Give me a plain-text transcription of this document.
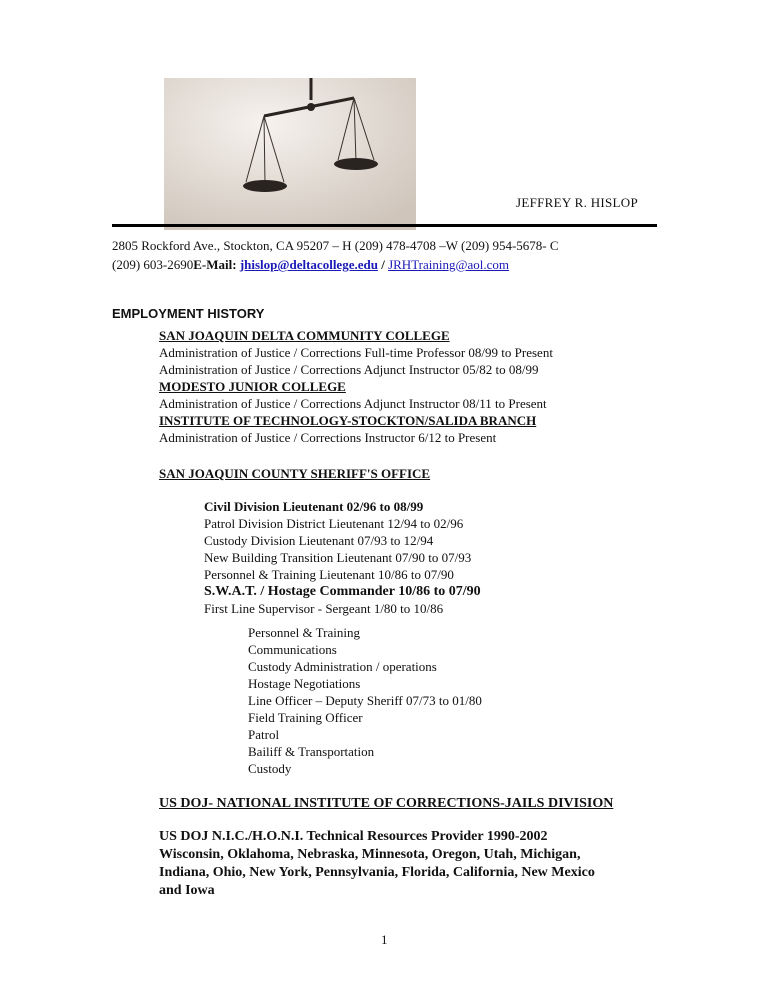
JEFFREY R. HISLOP
2805 Rockford Ave., Stockton, CA 95207 – H (209) 478-4708 –W (209) 954-5678- C
(209) 603-2690E-Mail: jhislop@deltacollege.edu / JRHTraining@aol.com
EMPLOYMENT HISTORY
SAN JOAQUIN DELTA COMMUNITY COLLEGE
Administration of Justice / Corrections Full-time Professor 08/99 to Present
Administration of Justice / Corrections Adjunct Instructor 05/82 to 08/99
MODESTO JUNIOR COLLEGE
Administration of Justice / Corrections Adjunct Instructor 08/11 to Present
INSTITUTE OF TECHNOLOGY-STOCKTON/SALIDA BRANCH
Administration of Justice / Corrections Instructor 6/12 to Present
SAN JOAQUIN COUNTY SHERIFF'S OFFICE
Civil Division Lieutenant 02/96 to 08/99
Patrol Division District Lieutenant 12/94 to 02/96
Custody Division Lieutenant 07/93 to 12/94
New Building Transition Lieutenant 07/90 to 07/93
Personnel & Training Lieutenant 10/86 to 07/90
S.W.A.T. / Hostage Commander 10/86 to 07/90
First Line Supervisor - Sergeant 1/80 to 10/86
Personnel & Training
Communications
Custody Administration / operations
Hostage Negotiations
Line Officer – Deputy Sheriff 07/73 to 01/80
Field Training Officer
Patrol
Bailiff & Transportation
Custody
US DOJ- NATIONAL INSTITUTE OF CORRECTIONS-JAILS DIVISION
US DOJ N.I.C./H.O.N.I. Technical Resources Provider 1990-2002
Wisconsin, Oklahoma, Nebraska, Minnesota, Oregon, Utah, Michigan,
Indiana, Ohio, New York, Pennsylvania, Florida, California, New Mexico
and Iowa
1
